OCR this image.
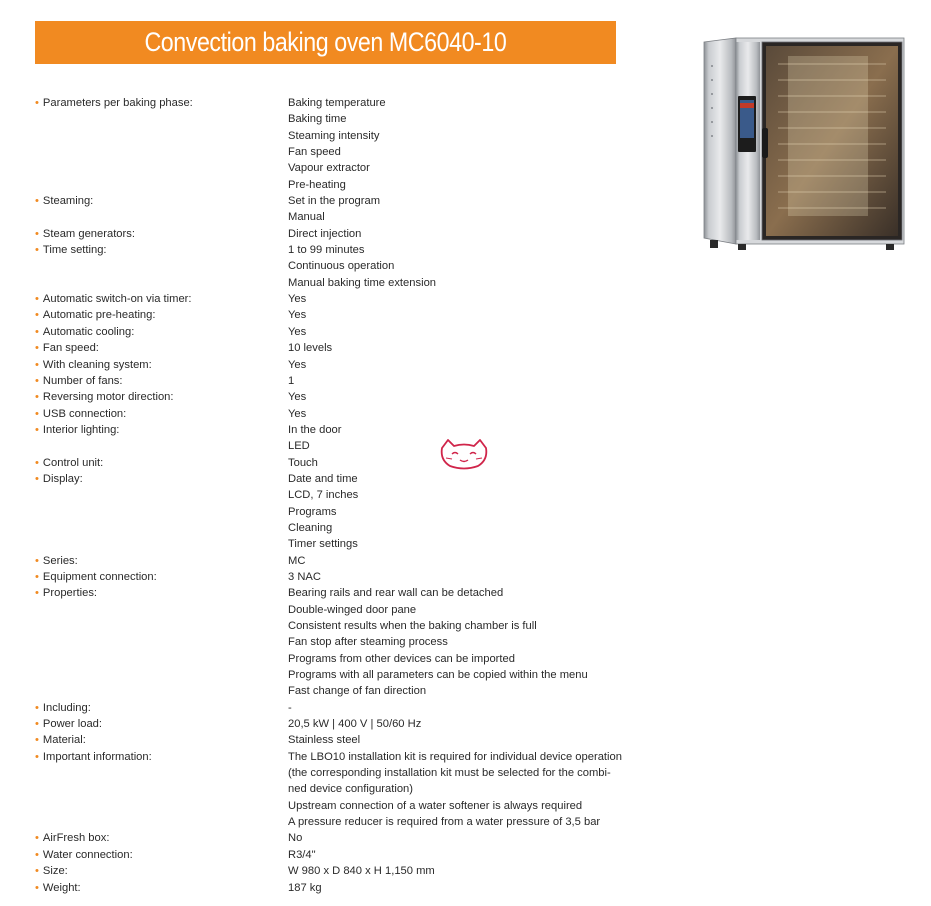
Convection baking oven MC6040-10
• Parameters per baking phase:	Baking temperature
Baking time
Steaming intensity
Fan speed
Vapour extractor
Pre-heating
• Steaming:	Set in the program
Manual
• Steam generators:	Direct injection
• Time setting:	1 to 99 minutes
Continuous operation
Manual baking time extension
• Automatic switch-on via timer:	Yes
• Automatic pre-heating:	Yes
• Automatic cooling:	Yes
• Fan speed:	10 levels
• With cleaning system:	Yes
• Number of fans:	1
• Reversing motor direction:	Yes
• USB connection:	Yes
• Interior lighting:	In the door
LED
• Control unit:	Touch
• Display:	Date and time
LCD, 7 inches
Programs
Cleaning
Timer settings
• Series:	MC
• Equipment connection:	3 NAC
• Properties:	Bearing rails and rear wall can be detached
Double-winged door pane
Consistent results when the baking chamber is full
Fan stop after steaming process
Programs from other devices can be imported
Programs with all parameters can be copied within the menu
Fast change of fan direction
• Including:	-
• Power load:	20,5 kW | 400 V | 50/60 Hz
• Material:	Stainless steel
• Important information:	The LBO10 installation kit is required for individual device operation
(the corresponding installation kit must be selected for the combi-
ned device configuration)
Upstream connection of a water softener is always required
A pressure reducer is required from a water pressure of 3,5 bar
• AirFresh box:	No
• Water connection:	R3/4"
• Size:	W 980 x D 840 x H 1,150 mm
• Weight:	187 kg
